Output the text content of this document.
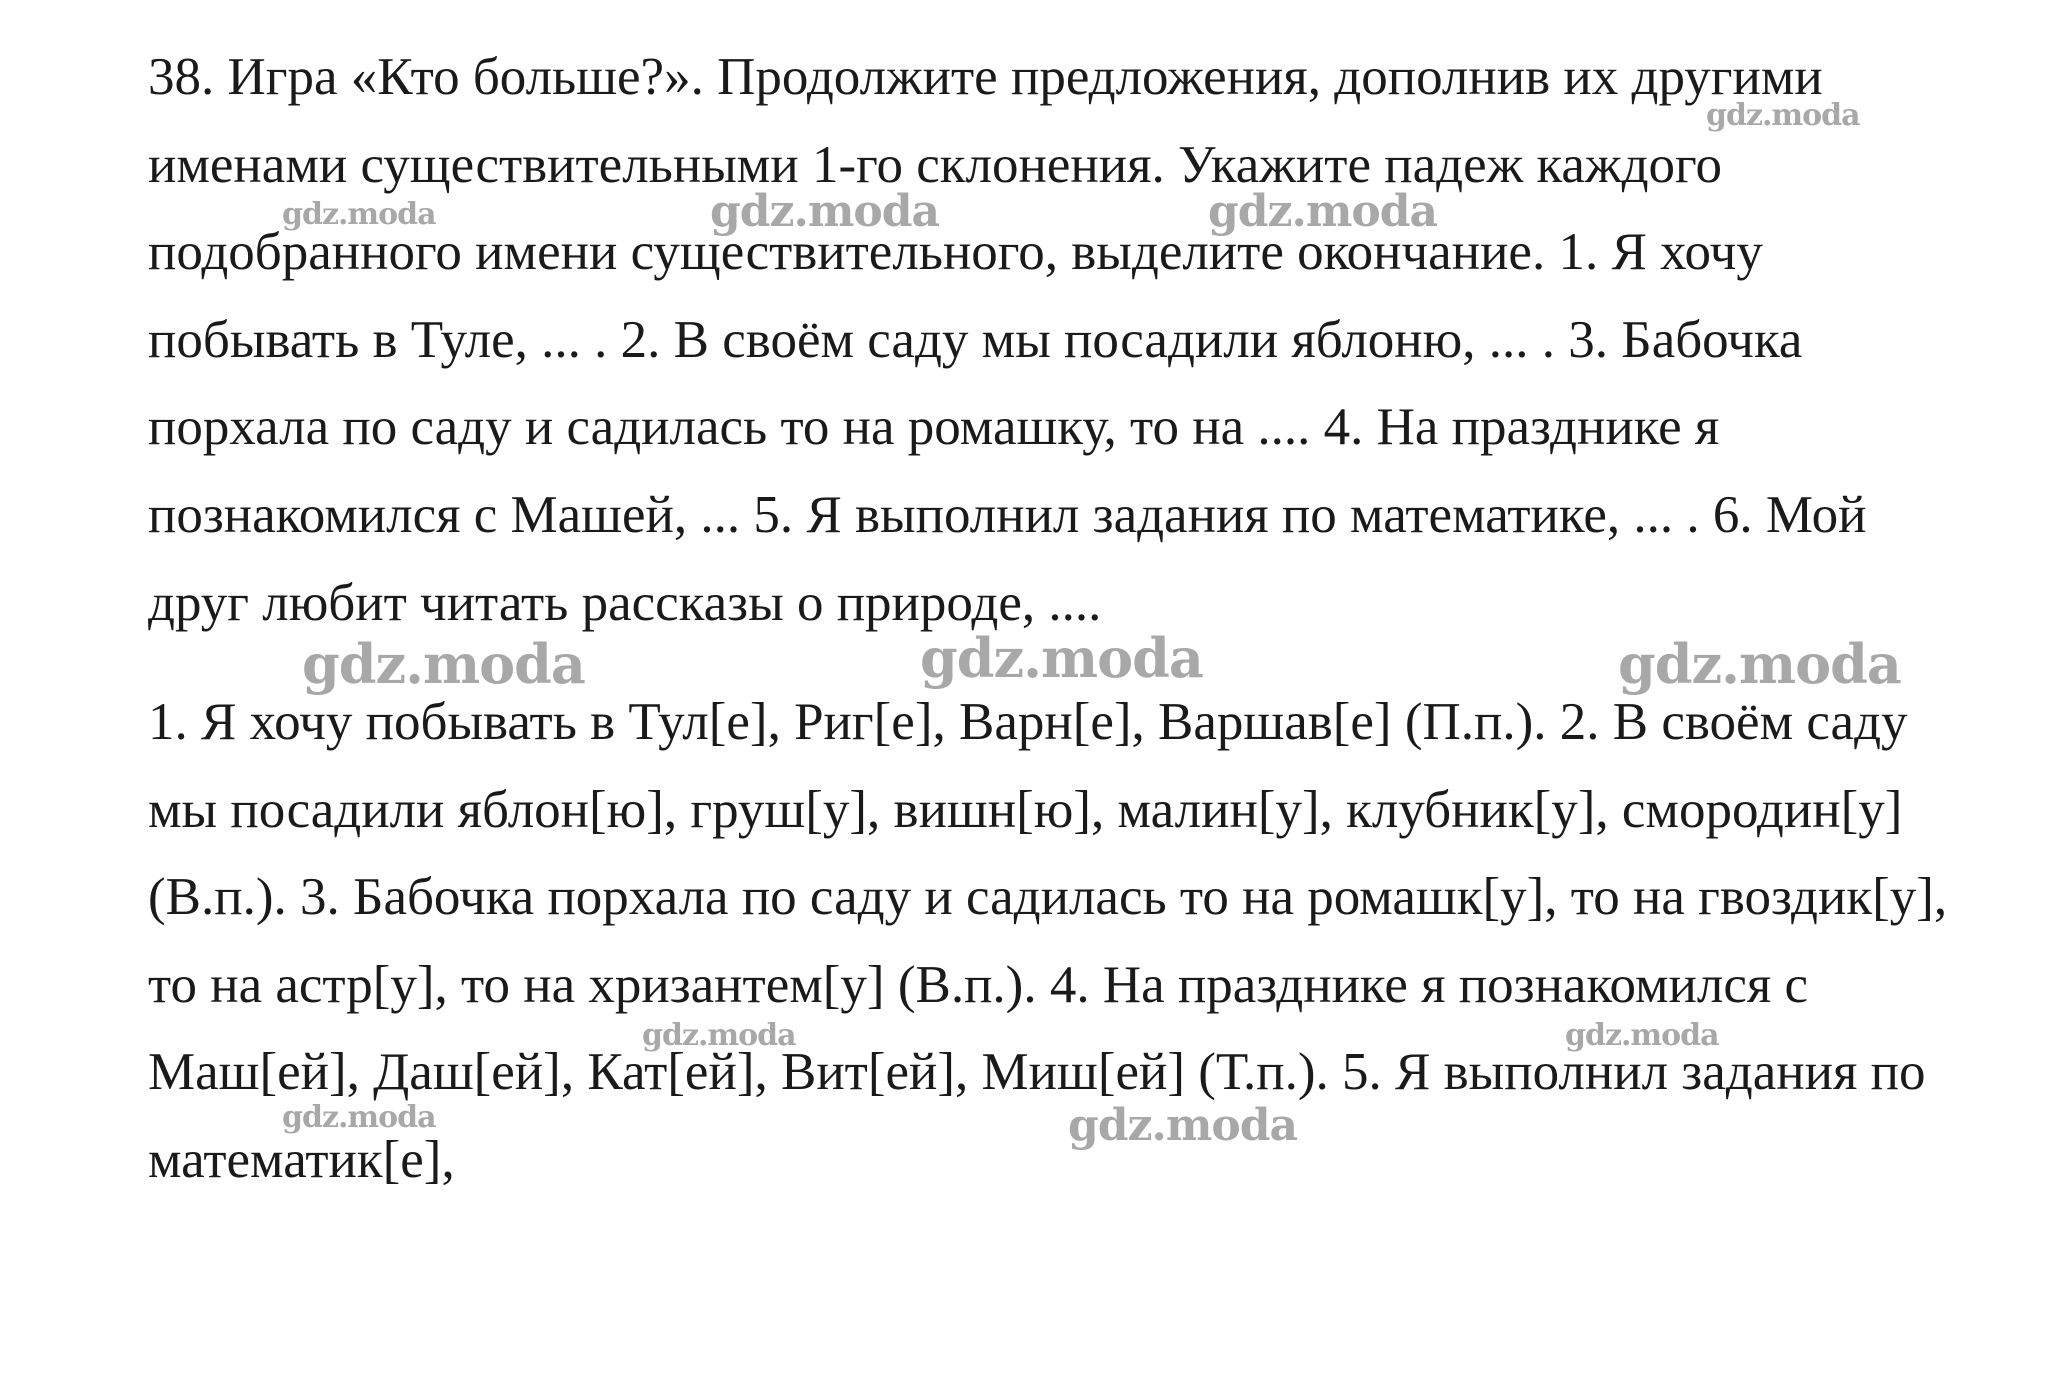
38. Игра «Кто больше?». Продолжите предложения, дополнив их другими именами существительными 1-го склонения. Укажите падеж каждого подобранного имени существительного, выделите окончание. 1. Я хочу побывать в Туле, ... . 2. В своём саду мы посадили яблоню, ... . 3. Бабочка порхала по саду и садилась то на ромашку, то на .... 4. На празднике я познакомился с Машей, ... 5. Я выполнил задания по математике, ... . 6. Мой друг любит читать рассказы о природе, ....
1. Я хочу побывать в Тул[е], Риг[е], Варн[е], Варшав[е] (П.п.). 2. В своём саду мы посадили яблон[ю], груш[у], вишн[ю], малин[у], клубник[у], смородин[у] (В.п.). 3. Бабочка порхала по саду и садилась то на ромашк[у], то на гвоздик[у], то на астр[у], то на хризантем[у] (В.п.). 4. На празднике я познакомился с Маш[ей], Даш[ей], Кат[ей], Вит[ей], Миш[ей] (Т.п.). 5. Я выполнил задания по математик[е],
gdz.moda
gdz.moda	gdz.moda	gdz.moda
gdz.moda	gdz.moda	gdz.moda
gdz.moda	gdz.moda
gdz.moda	gdz.moda
